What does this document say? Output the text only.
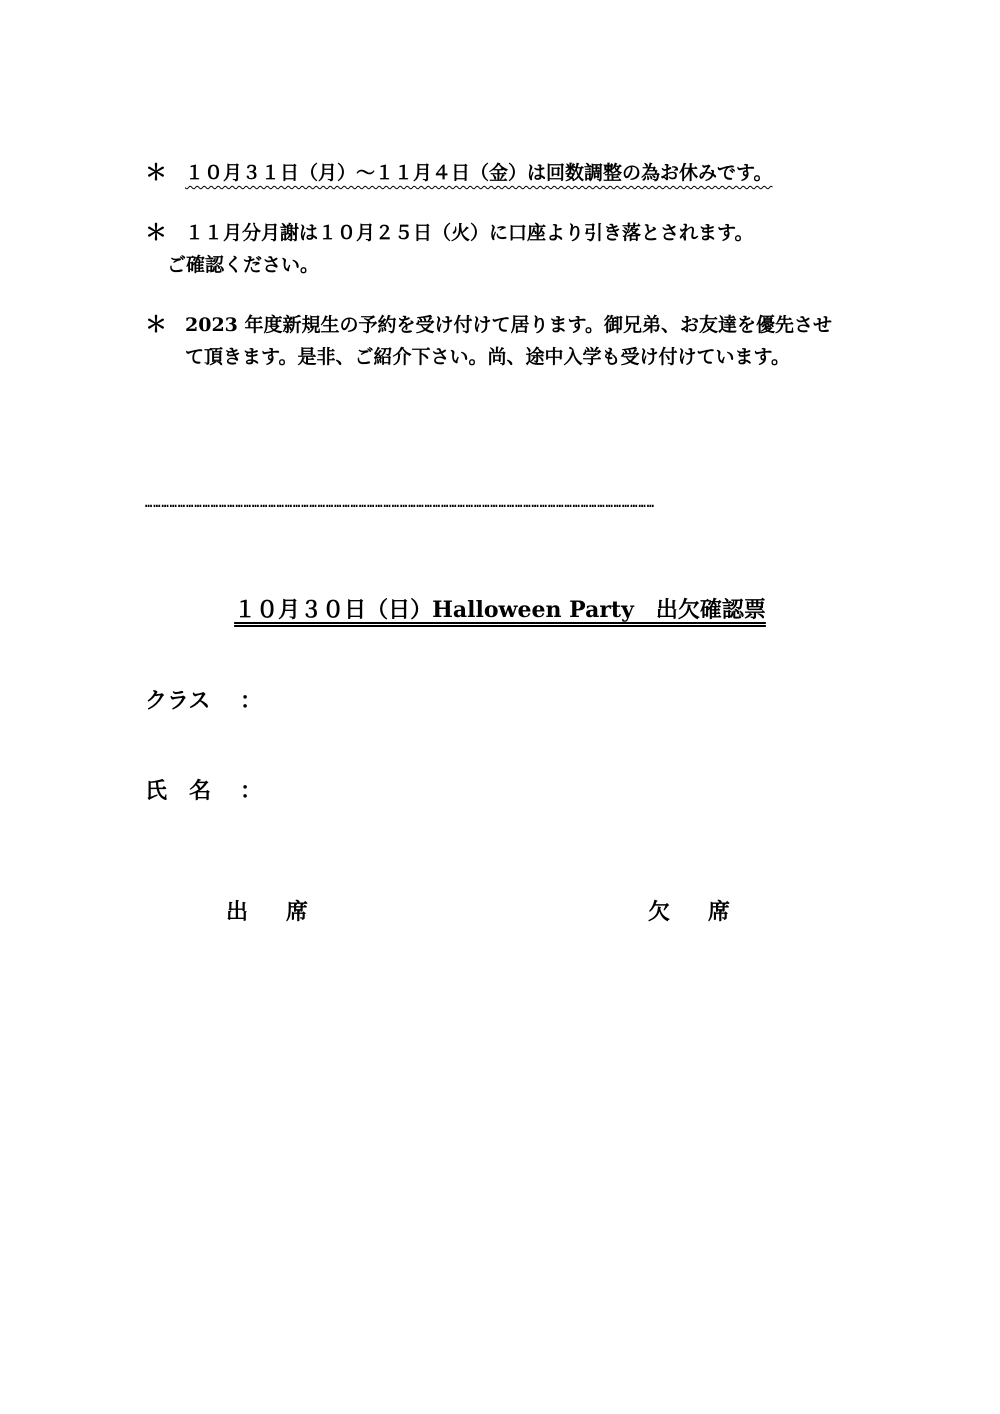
＊ １０月３１日（月）～１１月４日（金）は回数調整の為お休みです。
＊ １１月分月謝は１０月２５日（火）に口座より引き落とされます。
ご確認ください。
＊ 2023 年度新規生の予約を受け付けて居ります。御兄弟、お友達を優先させ
て頂きます。是非、ご紹介下さい。尚、途中入学も受け付けています。
……………………………………………………………………………………………………………………………………………………………………
１０月３０日（日）Halloween Party　出欠確認票
クラス ：
氏　名 ：
出席	欠席
